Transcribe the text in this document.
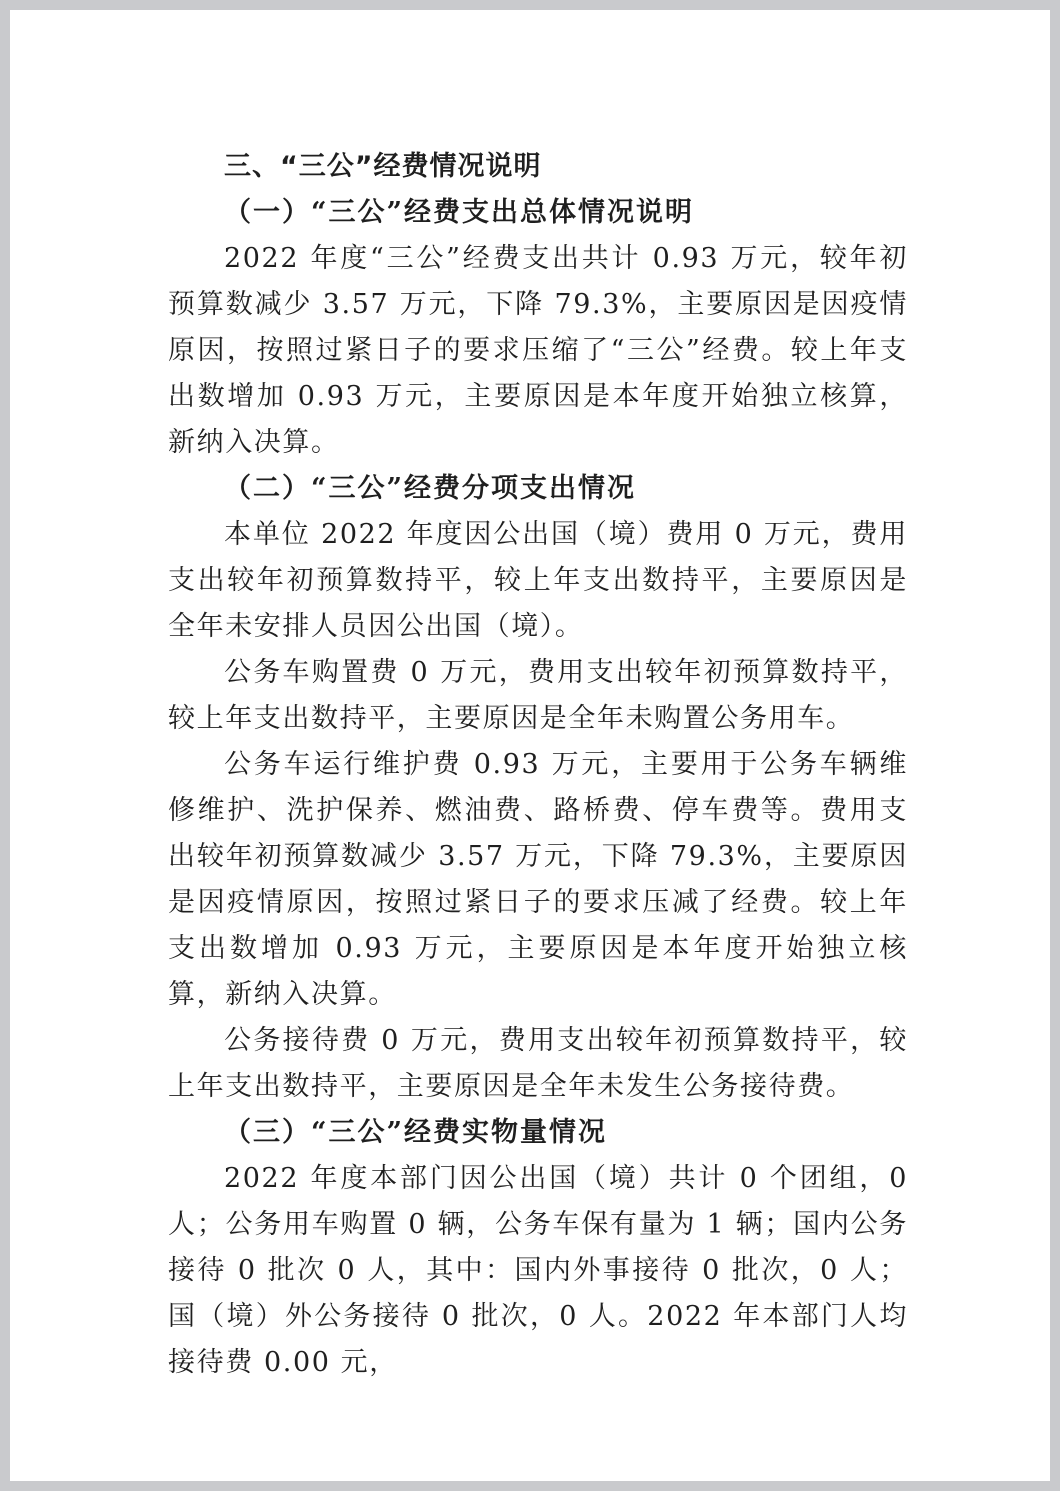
三、“三公”经费情况说明

（一）“三公”经费支出总体情况说明

2022 年度“三公”经费支出共计 0.93 万元，较年初预算数减少 3.57 万元，下降 79.3%，主要原因是因疫情原因，按照过紧日子的要求压缩了“三公”经费。较上年支出数增加 0.93 万元，主要原因是本年度开始独立核算，新纳入决算。

（二）“三公”经费分项支出情况

本单位 2022 年度因公出国（境）费用 0 万元，费用支出较年初预算数持平，较上年支出数持平，主要原因是全年未安排人员因公出国（境）。

公务车购置费 0 万元，费用支出较年初预算数持平，较上年支出数持平，主要原因是全年未购置公务用车。

公务车运行维护费 0.93 万元，主要用于公务车辆维修维护、洗护保养、燃油费、路桥费、停车费等。费用支出较年初预算数减少 3.57 万元，下降 79.3%，主要原因是因疫情原因，按照过紧日子的要求压减了经费。较上年支出数增加 0.93 万元，主要原因是本年度开始独立核算，新纳入决算。

公务接待费 0 万元，费用支出较年初预算数持平，较上年支出数持平，主要原因是全年未发生公务接待费。

（三）“三公”经费实物量情况

2022 年度本部门因公出国（境）共计 0 个团组，0 人；公务用车购置 0 辆，公务车保有量为 1 辆；国内公务接待 0 批次 0 人，其中：国内外事接待 0 批次，0 人；国（境）外公务接待 0 批次，0 人。2022 年本部门人均接待费 0.00 元，
